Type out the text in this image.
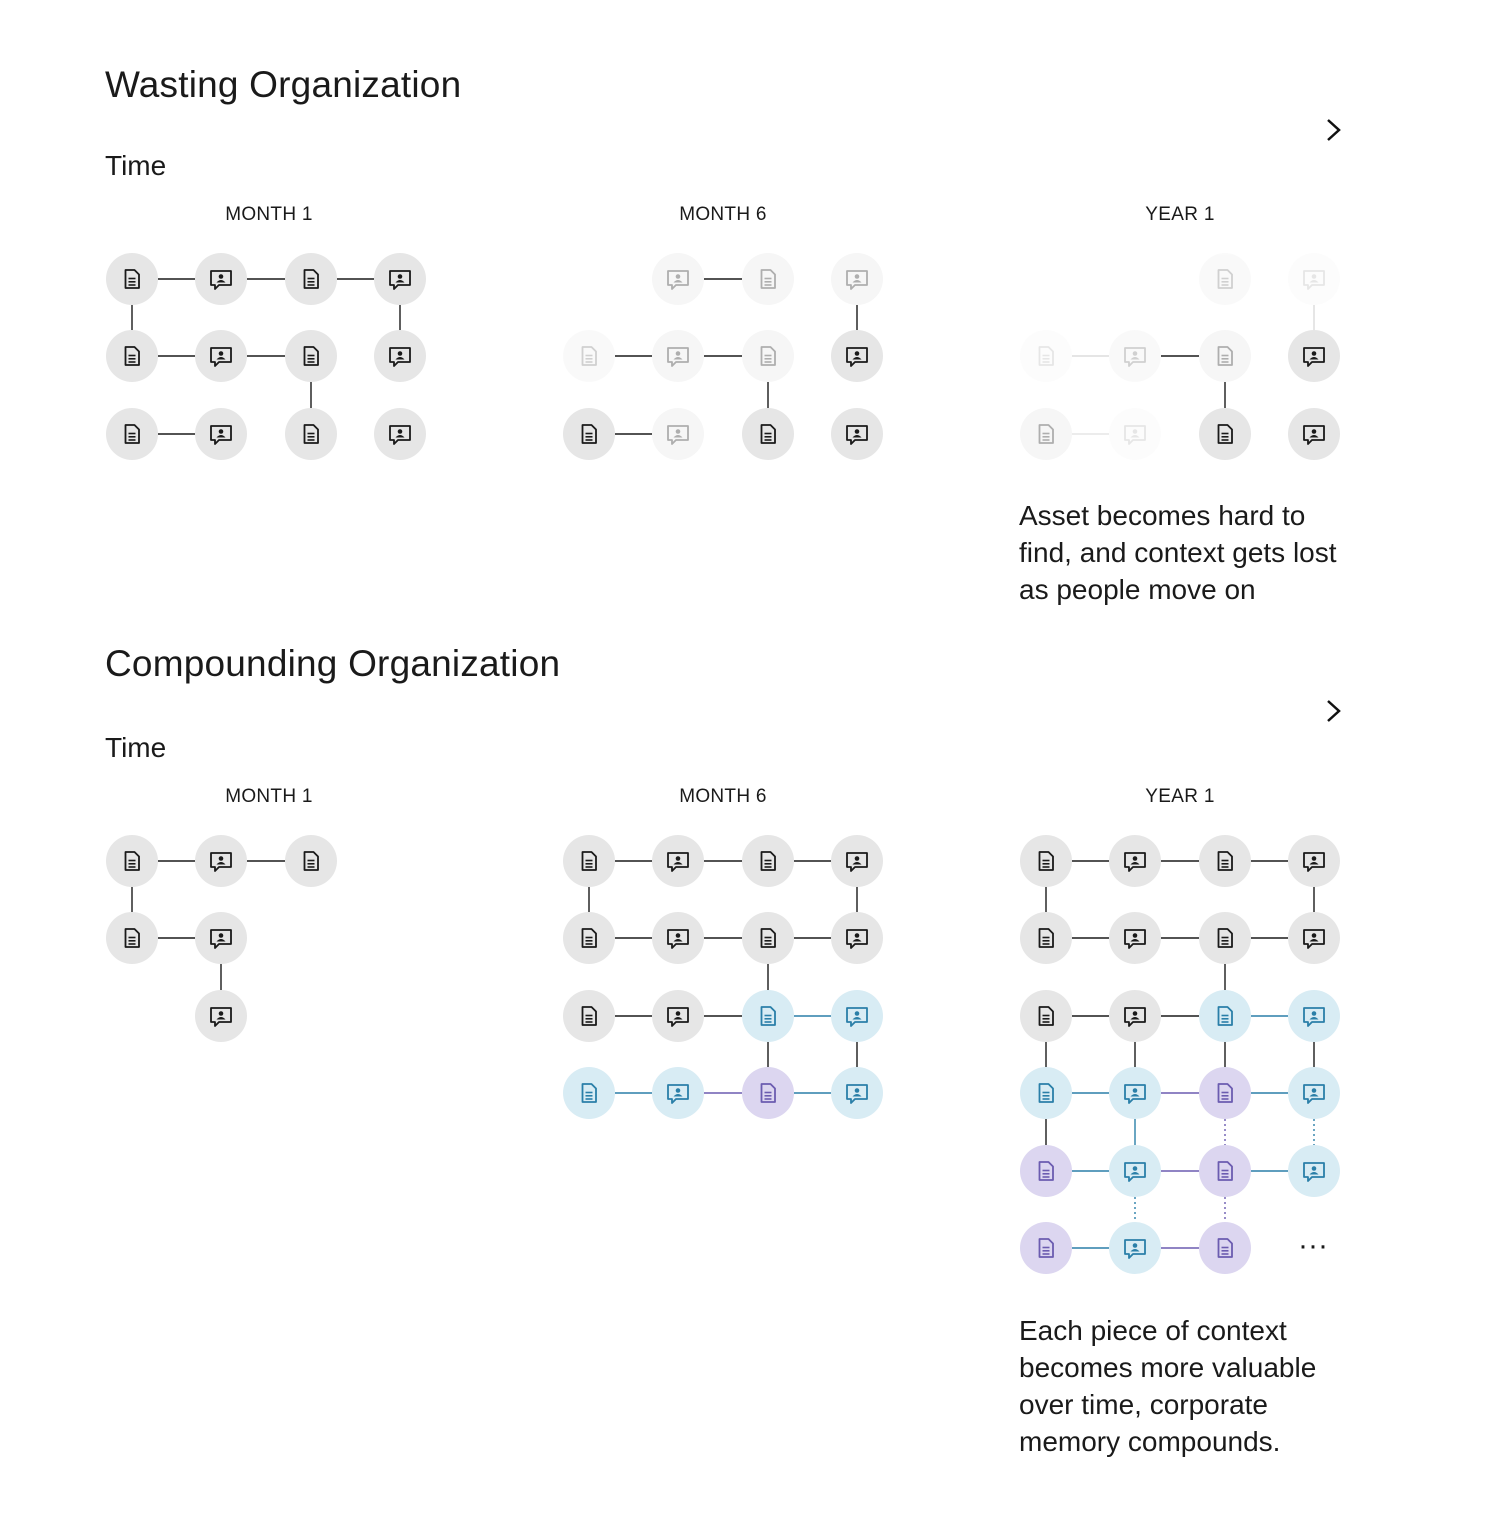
Wasting Organization
Time
MONTH 1	MONTH 6	YEAR 1

Asset becomes hard to find, and context gets lost as people move on

Compounding Organization
Time
MONTH 1	MONTH 6	YEAR 1

Each piece of context becomes more valuable over time, corporate memory compounds.

···
